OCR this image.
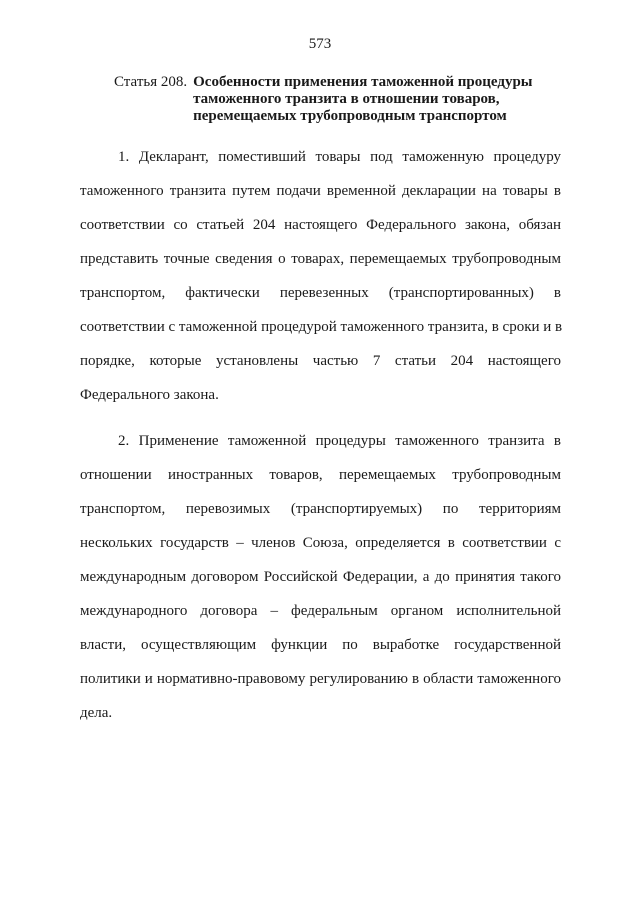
573
Статья 208. Особенности применения таможенной процедуры
таможенного транзита в отношении товаров,
перемещаемых трубопроводным транспортом
1. Декларант, поместивший товары под таможенную процедуру
таможенного транзита путем подачи временной декларации на товары в
соответствии со статьей 204 настоящего Федерального закона, обязан
представить точные сведения о товарах, перемещаемых трубопроводным
транспортом, фактически перевезенных (транспортированных) в
соответствии с таможенной процедурой таможенного транзита, в сроки и в
порядке, которые установлены частью 7 статьи 204 настоящего
Федерального закона.
2. Применение таможенной процедуры таможенного транзита в
отношении иностранных товаров, перемещаемых трубопроводным
транспортом, перевозимых (транспортируемых) по территориям
нескольких государств – членов Союза, определяется в соответствии с
международным договором Российской Федерации, а до принятия такого
международного договора – федеральным органом исполнительной
власти, осуществляющим функции по выработке государственной
политики и нормативно-правовому регулированию в области таможенного
дела.
